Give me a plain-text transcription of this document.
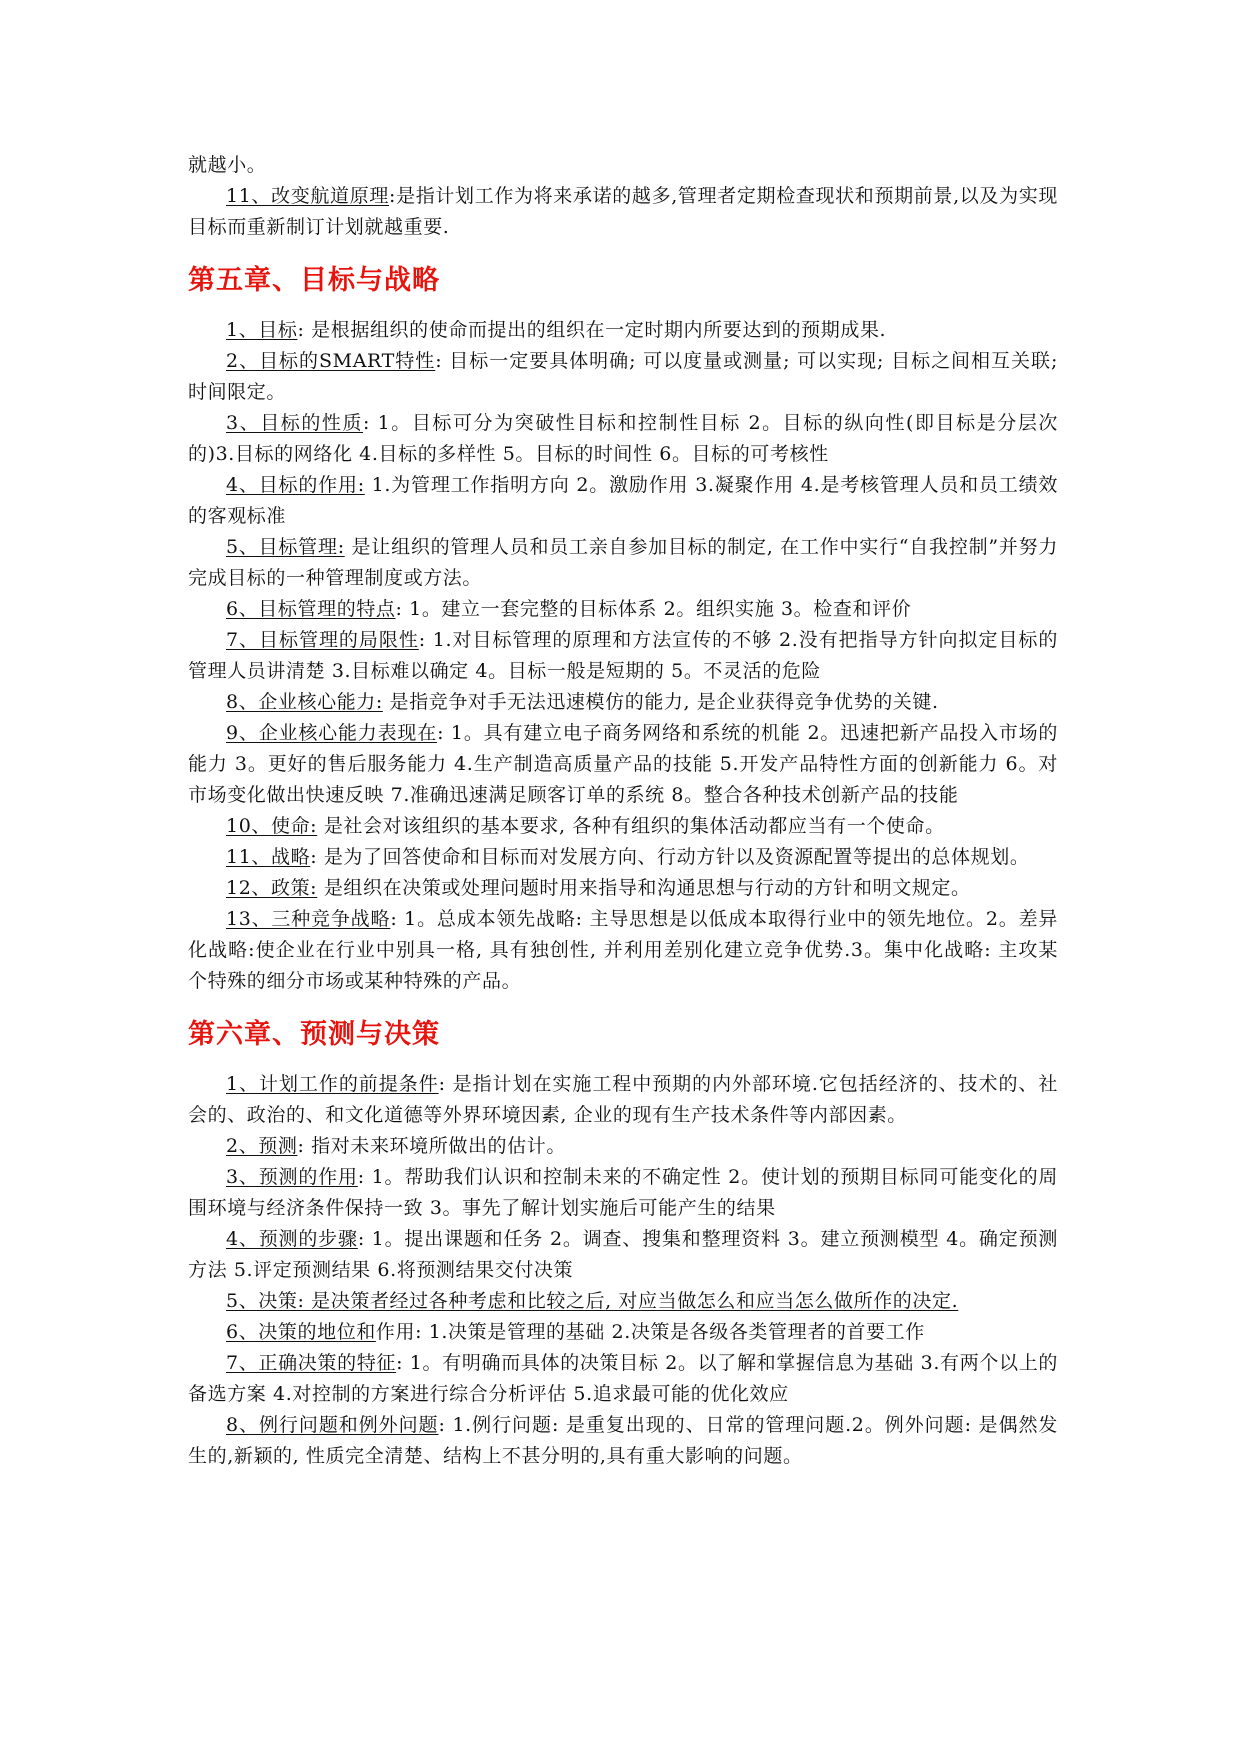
就越小。

11、改变航道原理:是指计划工作为将来承诺的越多,管理者定期检查现状和预期前景,以及为实现目标而重新制订计划就越重要.

第五章、目标与战略

1、目标: 是根据组织的使命而提出的组织在一定时期内所要达到的预期成果.

2、目标的SMART特性: 目标一定要具体明确; 可以度量或测量; 可以实现; 目标之间相互关联; 时间限定。

3、目标的性质: 1。目标可分为突破性目标和控制性目标 2。目标的纵向性(即目标是分层次的)3.目标的网络化 4.目标的多样性 5。目标的时间性 6。目标的可考核性

4、目标的作用: 1.为管理工作指明方向 2。激励作用 3.凝聚作用 4.是考核管理人员和员工绩效的客观标准

5、目标管理: 是让组织的管理人员和员工亲自参加目标的制定, 在工作中实行“自我控制”并努力完成目标的一种管理制度或方法。

6、目标管理的特点: 1。建立一套完整的目标体系 2。组织实施 3。检查和评价

7、目标管理的局限性: 1.对目标管理的原理和方法宣传的不够 2.没有把指导方针向拟定目标的管理人员讲清楚 3.目标难以确定 4。目标一般是短期的 5。不灵活的危险

8、企业核心能力: 是指竞争对手无法迅速模仿的能力, 是企业获得竞争优势的关键.

9、企业核心能力表现在: 1。具有建立电子商务网络和系统的机能 2。迅速把新产品投入市场的能力 3。更好的售后服务能力 4.生产制造高质量产品的技能 5.开发产品特性方面的创新能力 6。对市场变化做出快速反映 7.准确迅速满足顾客订单的系统 8。整合各种技术创新产品的技能

10、使命: 是社会对该组织的基本要求, 各种有组织的集体活动都应当有一个使命。

11、战略: 是为了回答使命和目标而对发展方向、行动方针以及资源配置等提出的总体规划。

12、政策: 是组织在决策或处理问题时用来指导和沟通思想与行动的方针和明文规定。

13、三种竞争战略: 1。总成本领先战略: 主导思想是以低成本取得行业中的领先地位。2。差异化战略:使企业在行业中别具一格, 具有独创性, 并利用差别化建立竞争优势.3。集中化战略: 主攻某个特殊的细分市场或某种特殊的产品。

第六章、预测与决策

1、计划工作的前提条件: 是指计划在实施工程中预期的内外部环境.它包括经济的、技术的、社会的、政治的、和文化道德等外界环境因素, 企业的现有生产技术条件等内部因素。

2、预测: 指对未来环境所做出的估计。

3、预测的作用: 1。帮助我们认识和控制未来的不确定性 2。使计划的预期目标同可能变化的周围环境与经济条件保持一致 3。事先了解计划实施后可能产生的结果

4、预测的步骤: 1。提出课题和任务 2。调查、搜集和整理资料 3。建立预测模型 4。确定预测方法 5.评定预测结果 6.将预测结果交付决策

5、决策: 是决策者经过各种考虑和比较之后, 对应当做怎么和应当怎么做所作的决定.

6、决策的地位和作用: 1.决策是管理的基础 2.决策是各级各类管理者的首要工作

7、正确决策的特征: 1。有明确而具体的决策目标 2。以了解和掌握信息为基础 3.有两个以上的备选方案 4.对控制的方案进行综合分析评估 5.追求最可能的优化效应

8、例行问题和例外问题: 1.例行问题: 是重复出现的、日常的管理问题.2。例外问题: 是偶然发生的,新颖的, 性质完全清楚、结构上不甚分明的,具有重大影响的问题。
